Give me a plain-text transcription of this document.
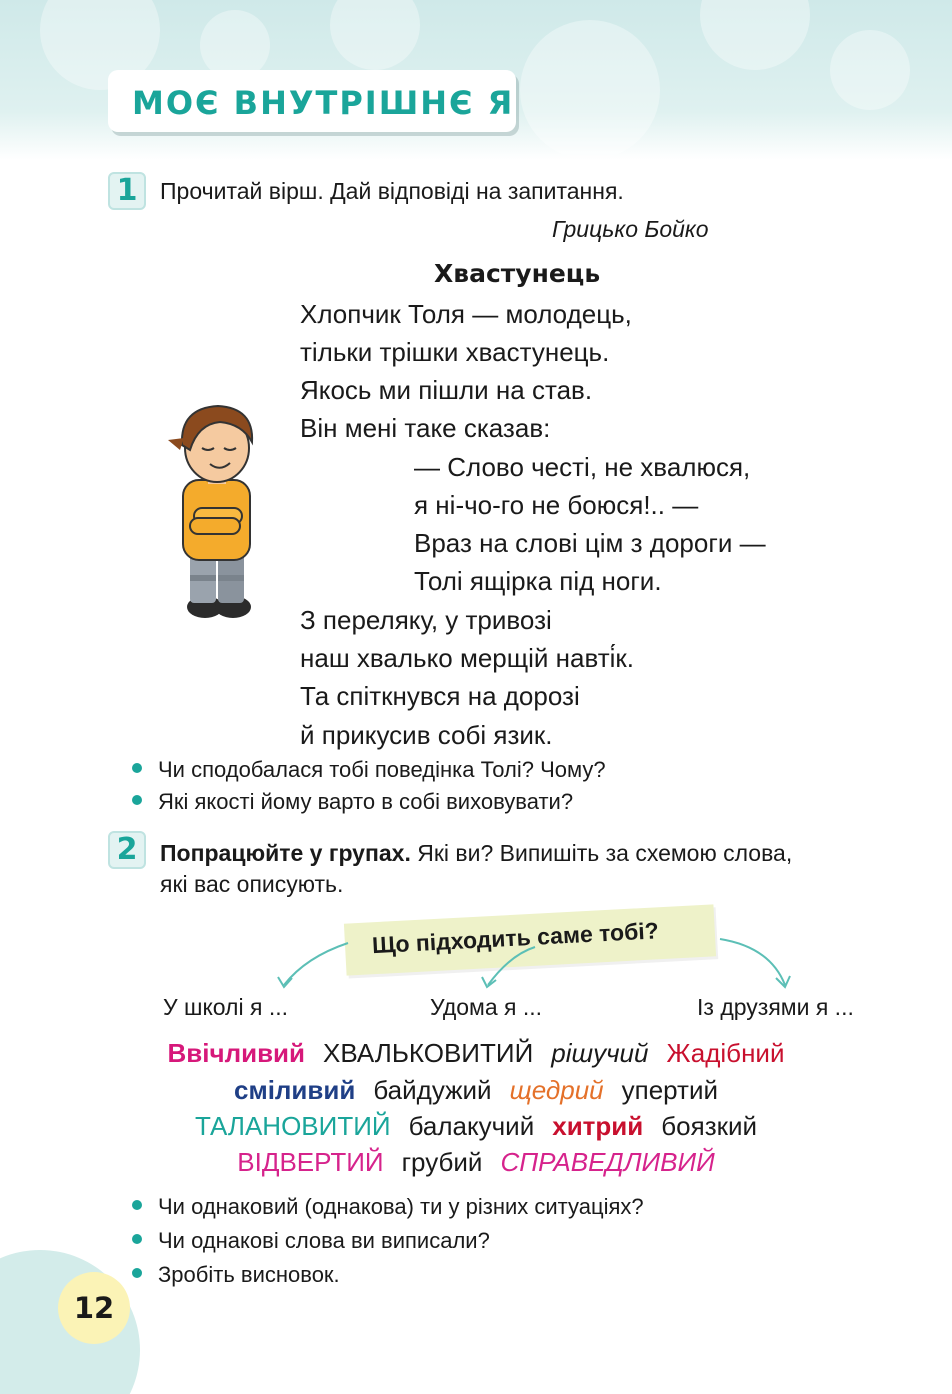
МОЄ ВНУТРІШНЄ Я
1 Прочитай вірш. Дай відповіді на запитання.
Грицько Бойко
Хвастунець
Хлопчик Толя — молодець,
тільки трішки хвастунець.
Якось ми пішли на став.
Він мені таке сказав:
— Слово честі, не хвалюся,
я ні-чо-го не боюся!.. —
Враз на слові цім з дороги —
Толі ящірка під ноги.
З переляку, у тривозі
наш хвалько мерщій навті́к.
Та спіткнувся на дорозі
й прикусив собі язик.
Чи сподобалася тобі поведінка Толі? Чому?
Які якості йому варто в собі виховувати?
2 Попрацюйте у групах. Які ви? Випишіть за схемою слова,
які вас описують.
Що підходить саме тобі?
У школі я ...	Удома я ...	Із друзями я ...
Ввічливий ХВАЛЬКОВИТИЙ рішучий Жадібний
сміливий байдужий щедрий упертий
ТАЛАНОВИТИЙ балакучий хитрий боязкий
ВІДВЕРТИЙ грубий СПРАВЕДЛИВИЙ
Чи однаковий (однакова) ти у різних ситуаціях?
Чи однакові слова ви виписали?
Зробіть висновок.
12
